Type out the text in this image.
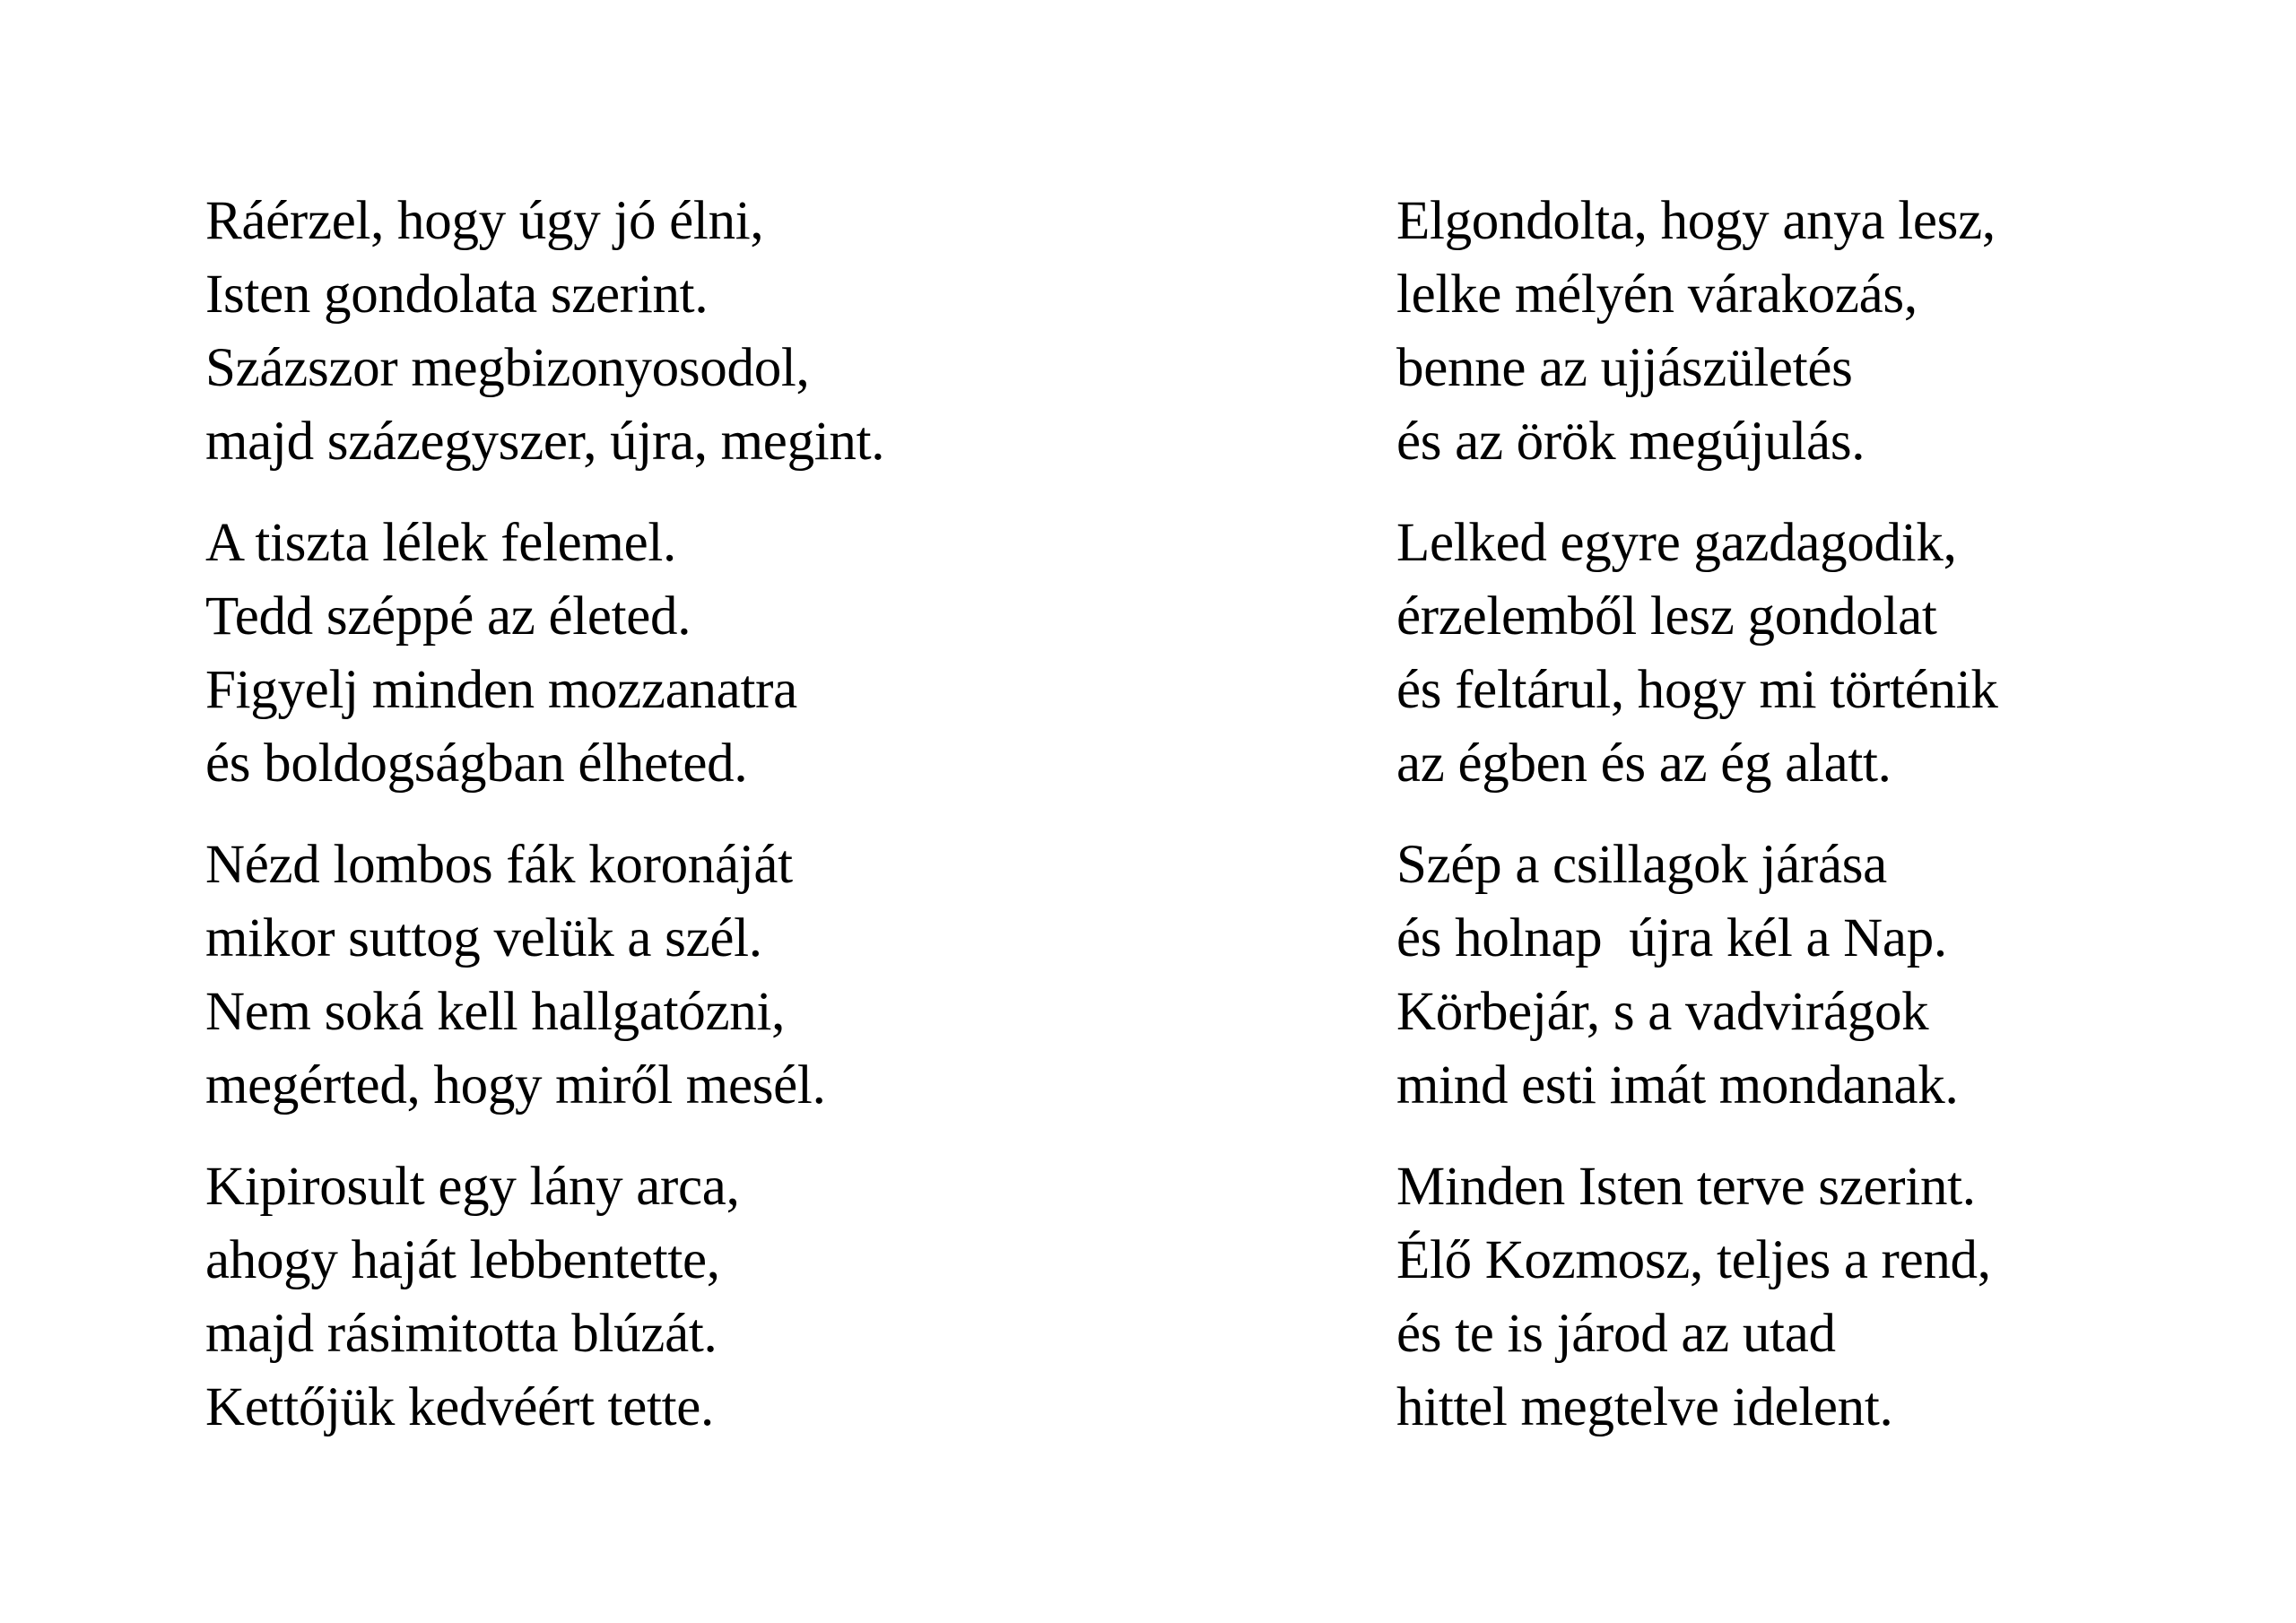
Ráérzel, hogy úgy jó élni,
Isten gondolata szerint.
Százszor megbizonyosodol,
majd százegyszer, újra, megint.
A tiszta lélek felemel.
Tedd széppé az életed.
Figyelj minden mozzanatra
és boldogságban élheted.
Nézd lombos fák koronáját
mikor suttog velük a szél.
Nem soká kell hallgatózni,
megérted, hogy miről mesél.
Kipirosult egy lány arca,
ahogy haját lebbentette,
majd rásimitotta blúzát.
Kettőjük kedvéért tette.
Elgondolta, hogy anya lesz,
lelke mélyén várakozás,
benne az ujjászületés
és az örök megújulás.
Lelked egyre gazdagodik,
érzelemből lesz gondolat
és feltárul, hogy mi történik
az égben és az ég alatt.
Szép a csillagok járása
és holnap  újra kél a Nap.
Körbejár, s a vadvirágok
mind esti imát mondanak.
Minden Isten terve szerint.
Élő Kozmosz, teljes a rend,
és te is járod az utad
hittel megtelve idelent.
